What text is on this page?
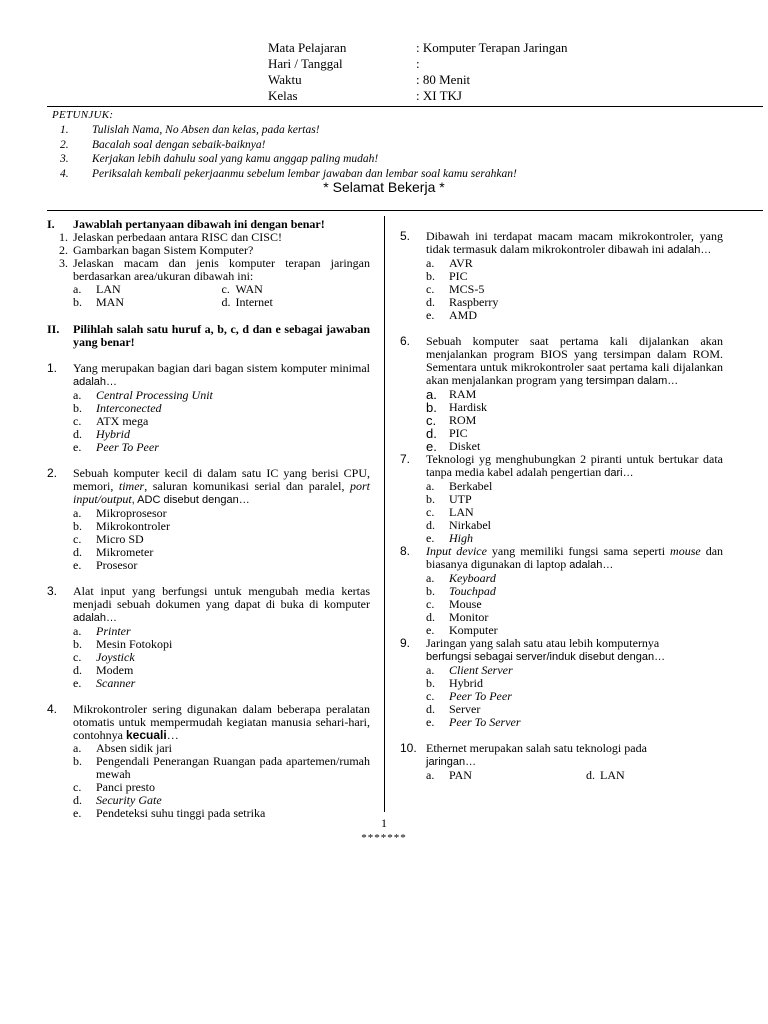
Mata Pelajaran	: Komputer Terapan Jaringan
Hari / Tanggal	:
Waktu	: 80 Menit
Kelas	: XI TKJ
PETUNJUK:
1. Tulislah Nama, No Absen dan kelas, pada kertas!
2. Bacalah soal dengan sebaik-baiknya!
3. Kerjakan lebih dahulu soal yang kamu anggap paling mudah!
4. Periksalah kembali pekerjaanmu sebelum lembar jawaban dan lembar soal kamu serahkan!
* Selamat Bekerja *
I.	Jawablah pertanyaan dibawah ini dengan benar!
1. Jelaskan perbedaan antara RISC dan CISC!
2. Gambarkan bagan Sistem Komputer?
3. Jelaskan macam dan jenis komputer terapan jaringan berdasarkan area/ukuran dibawah ini:
a.	LAN	c. WAN
b.	MAN	d. Internet
II.	Pilihlah salah satu huruf a, b, c, d dan e sebagai jawaban yang benar!
1.	Yang merupakan bagian dari bagan sistem komputer minimal adalah…
a.	Central Processing Unit
b.	Interconected
c.	ATX mega
d.	Hybrid
e.	Peer To Peer
2.	Sebuah komputer kecil di dalam satu IC yang berisi CPU, memori, timer, saluran komunikasi serial dan paralel, port input/output, ADC disebut dengan…
a.	Mikroprosesor
b.	Mikrokontroler
c.	Micro SD
d.	Mikrometer
e.	Prosesor
3.	Alat input yang berfungsi untuk mengubah media kertas menjadi sebuah dokumen yang dapat di buka di komputer adalah…
a.	Printer
b.	Mesin Fotokopi
c.	Joystick
d.	Modem
e.	Scanner
4.	Mikrokontroler sering digunakan dalam beberapa peralatan otomatis untuk mempermudah kegiatan manusia sehari-hari, contohnya kecuali…
a.	Absen sidik jari
b.	Pengendali Penerangan Ruangan pada apartemen/rumah mewah
c.	Panci presto
d.	Security Gate
e.	Pendeteksi suhu tinggi pada setrika
5.	Dibawah ini terdapat macam macam mikrokontroler, yang tidak termasuk dalam mikrokontroler dibawah ini adalah…
a.	AVR
b.	PIC
c.	MCS-5
d.	Raspberry
e.	AMD
6.	Sebuah komputer saat pertama kali dijalankan akan menjalankan program BIOS yang tersimpan dalam ROM. Sementara untuk mikrokontroler saat pertama kali dijalankan akan menjalankan program yang tersimpan dalam…
a.	RAM
b.	Hardisk
c.	ROM
d.	PIC
e.	Disket
7.	Teknologi yg menghubungkan 2 piranti untuk bertukar data tanpa media kabel adalah pengertian dari…
a.	Berkabel
b.	UTP
c.	LAN
d.	Nirkabel
e.	High
8.	Input device yang memiliki fungsi sama seperti mouse dan biasanya digunakan di laptop adalah…
a.	Keyboard
b.	Touchpad
c.	Mouse
d.	Monitor
e.	Komputer
9.	Jaringan yang salah satu atau lebih komputernya
berfungsi sebagai server/induk disebut dengan…
a.	Client Server
b.	Hybrid
c.	Peer To Peer
d.	Server
e.	Peer To Server
10. Ethernet merupakan salah satu teknologi pada
jaringan…
a.	PAN	d. LAN
1
*******
